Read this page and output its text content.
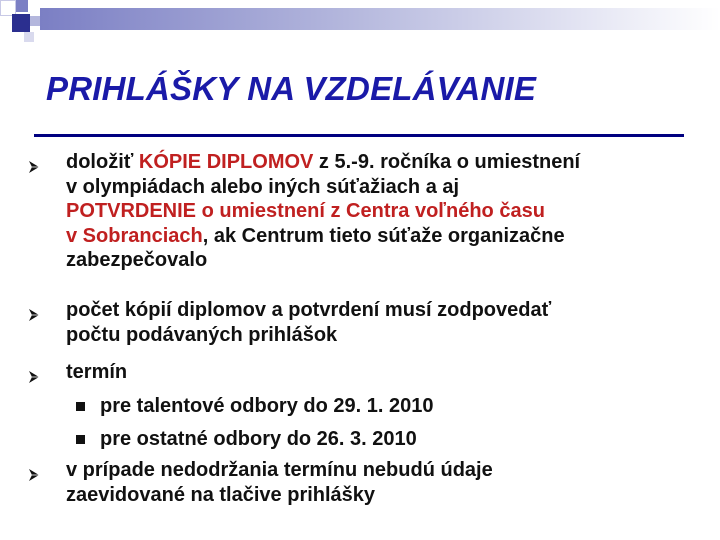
PRIHLÁŠKY NA VZDELÁVANIE
doložiť KÓPIE DIPLOMOV z 5.-9. ročníka o umiestnení
v olympiádach alebo iných súťažiach a aj
POTVRDENIE o umiestnení z Centra voľného času
v Sobranciach, ak Centrum tieto súťaže organizačne
zabezpečovalo
počet kópií diplomov a potvrdení musí zodpovedať
počtu podávaných prihlášok
termín
pre talentové odbory do 29. 1. 2010
pre ostatné odbory do 26. 3. 2010
v prípade nedodržania termínu nebudú údaje
zaevidované na tlačive prihlášky
